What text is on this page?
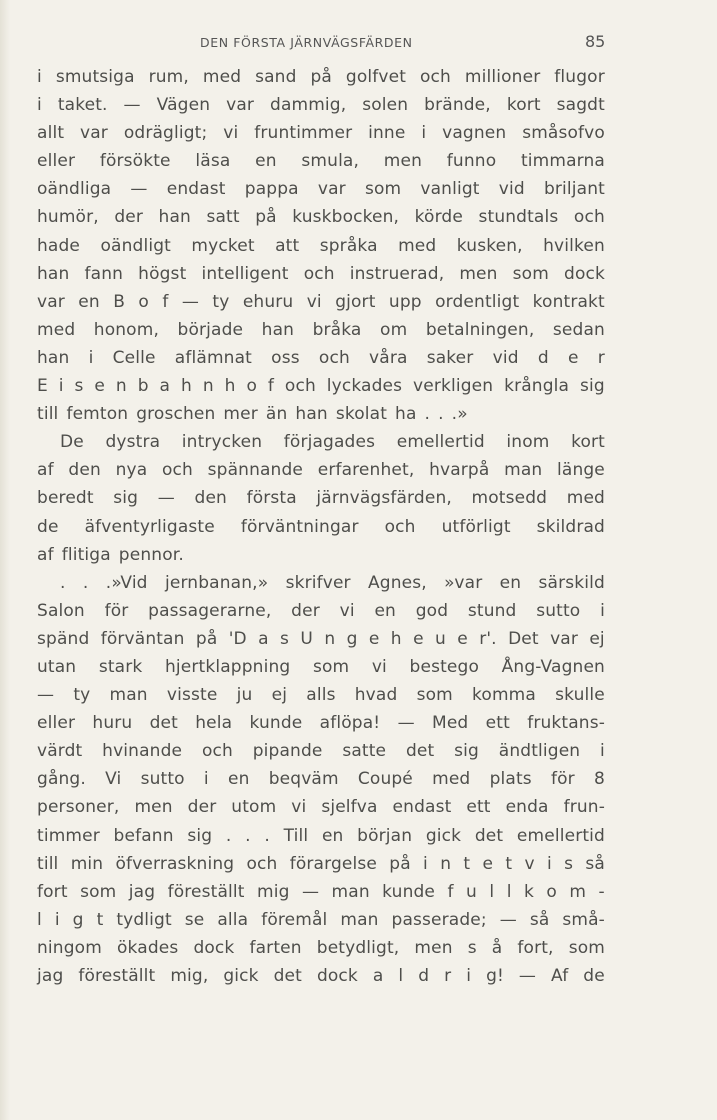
DEN FÖRSTA JÄRNVÄGSFÄRDEN	85
i smutsiga rum, med sand på golfvet och millioner flugor
i taket. — Vägen var dammig, solen brände, kort sagdt
allt var odrägligt; vi fruntimmer inne i vagnen småsofvo
eller försökte läsa en smula, men funno timmarna
oändliga — endast pappa var som vanligt vid briljant
humör, der han satt på kuskbocken, körde stundtals och
hade oändligt mycket att språka med kusken, hvilken
han fann högst intelligent och instruerad, men som dock
var en B o f — ty ehuru vi gjort upp ordentligt kontrakt
med honom, började han bråka om betalningen, sedan
han i Celle aflämnat oss och våra saker vid d e r
E i s e n b a h n h o f och lyckades verkligen krångla sig
till femton groschen mer än han skolat ha . . .»
De dystra intrycken förjagades emellertid inom kort
af den nya och spännande erfarenhet, hvarpå man länge
beredt sig — den första järnvägsfärden, motsedd med
de äfventyrligaste förväntningar och utförligt skildrad
af flitiga pennor.
. . .»Vid jernbanan,» skrifver Agnes, »var en särskild
Salon för passagerarne, der vi en god stund sutto i
spänd förväntan på 'D a s U n g e h e u e r'. Det var ej
utan stark hjertklappning som vi bestego Ång-Vagnen
— ty man visste ju ej alls hvad som komma skulle
eller huru det hela kunde aflöpa! — Med ett fruktans-
värdt hvinande och pipande satte det sig ändtligen i
gång. Vi sutto i en beqväm Coupé med plats för 8
personer, men der utom vi sjelfva endast ett enda frun-
timmer befann sig . . . Till en början gick det emellertid
till min öfverraskning och förargelse på i n t e t v i s så
fort som jag föreställt mig — man kunde f u l l k o m -
l i g t tydligt se alla föremål man passerade; — så små-
ningom ökades dock farten betydligt, men s å fort, som
jag föreställt mig, gick det dock a l d r i g! — Af de
